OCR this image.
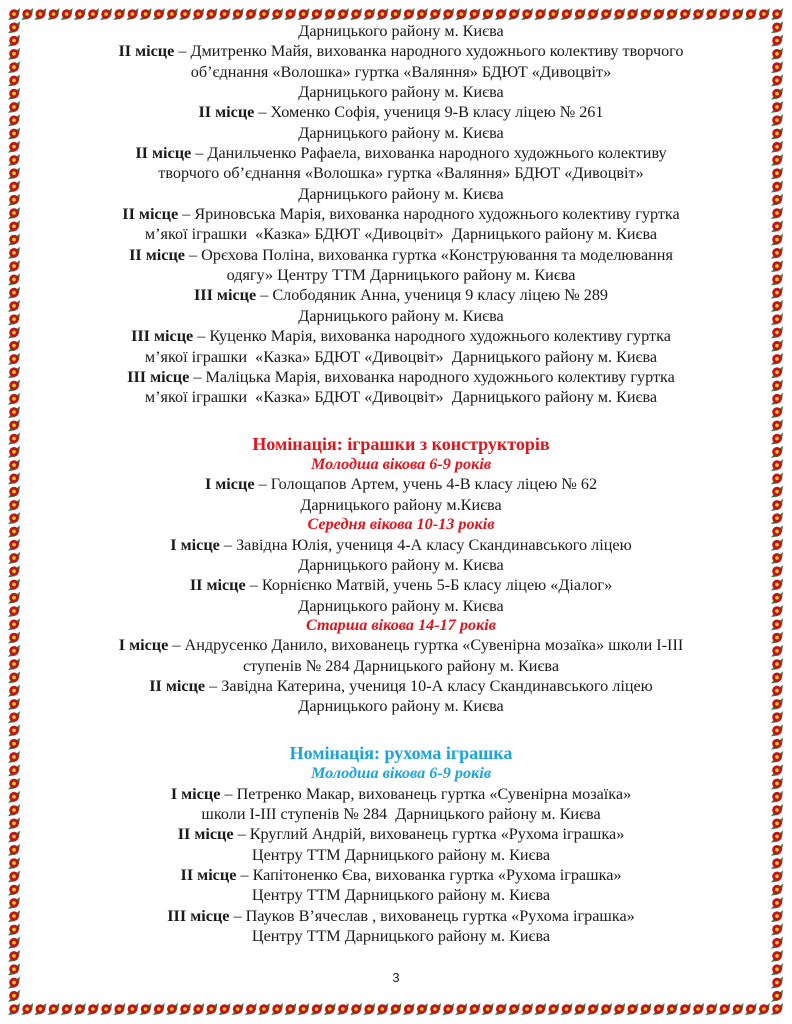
Дарницького району м. Києва
II місце – Дмитренко Майя, вихованка народного художнього колективу творчого
об’єднання «Волошка» гуртка «Валяння» БДЮТ «Дивоцвіт»
Дарницького району м. Києва
II місце – Хоменко Софія, учениця 9-В класу ліцею № 261
Дарницького району м. Києва
II місце – Данильченко Рафаела, вихованка народного художнього колективу
творчого об’єднання «Волошка» гуртка «Валяння» БДЮТ «Дивоцвіт»
Дарницького району м. Києва
II місце – Яриновська Марія, вихованка народного художнього колективу гуртка
м’якої іграшки  «Казка» БДЮТ «Дивоцвіт»  Дарницького району м. Києва
II місце – Орєхова Поліна, вихованка гуртка «Конструювання та моделювання
одягу» Центру ТТМ Дарницького району м. Києва
III місце – Слободяник Анна, учениця 9 класу ліцею № 289
Дарницького району м. Києва
III місце – Куценко Марія, вихованка народного художнього колективу гуртка
м’якої іграшки  «Казка» БДЮТ «Дивоцвіт»  Дарницького району м. Києва
III місце – Маліцька Марія, вихованка народного художнього колективу гуртка
м’якої іграшки  «Казка» БДЮТ «Дивоцвіт»  Дарницького району м. Києва
Номінація: іграшки з конструкторів
Молодша вікова 6-9 років
I місце – Голощапов Артем, учень 4-В класу ліцею № 62
Дарницького району м.Києва
Середня вікова 10-13 років
I місце – Завідна Юлія, учениця 4-А класу Скандинавського ліцею
Дарницького району м. Києва
II місце – Корнієнко Матвій, учень 5-Б класу ліцею «Діалог»
Дарницького району м. Києва
Старша вікова 14-17 років
I місце – Андрусенко Данило, вихованець гуртка «Сувенірна мозаїка» школи I-III
ступенів № 284 Дарницького району м. Києва
II місце – Завідна Катерина, учениця 10-А класу Скандинавського ліцею
Дарницького району м. Києва
Номінація: рухома іграшка
Молодша вікова 6-9 років
I місце – Петренко Макар, вихованець гуртка «Сувенірна мозаїка»
школи I-III ступенів № 284  Дарницького району м. Києва
II місце – Круглий Андрій, вихованець гуртка «Рухома іграшка»
Центру ТТМ Дарницького району м. Києва
II місце – Капітоненко Єва, вихованка гуртка «Рухома іграшка»
Центру ТТМ Дарницького району м. Києва
III місце – Пауков В’ячеслав , вихованець гуртка «Рухома іграшка»
Центру ТТМ Дарницького району м. Києва
3
